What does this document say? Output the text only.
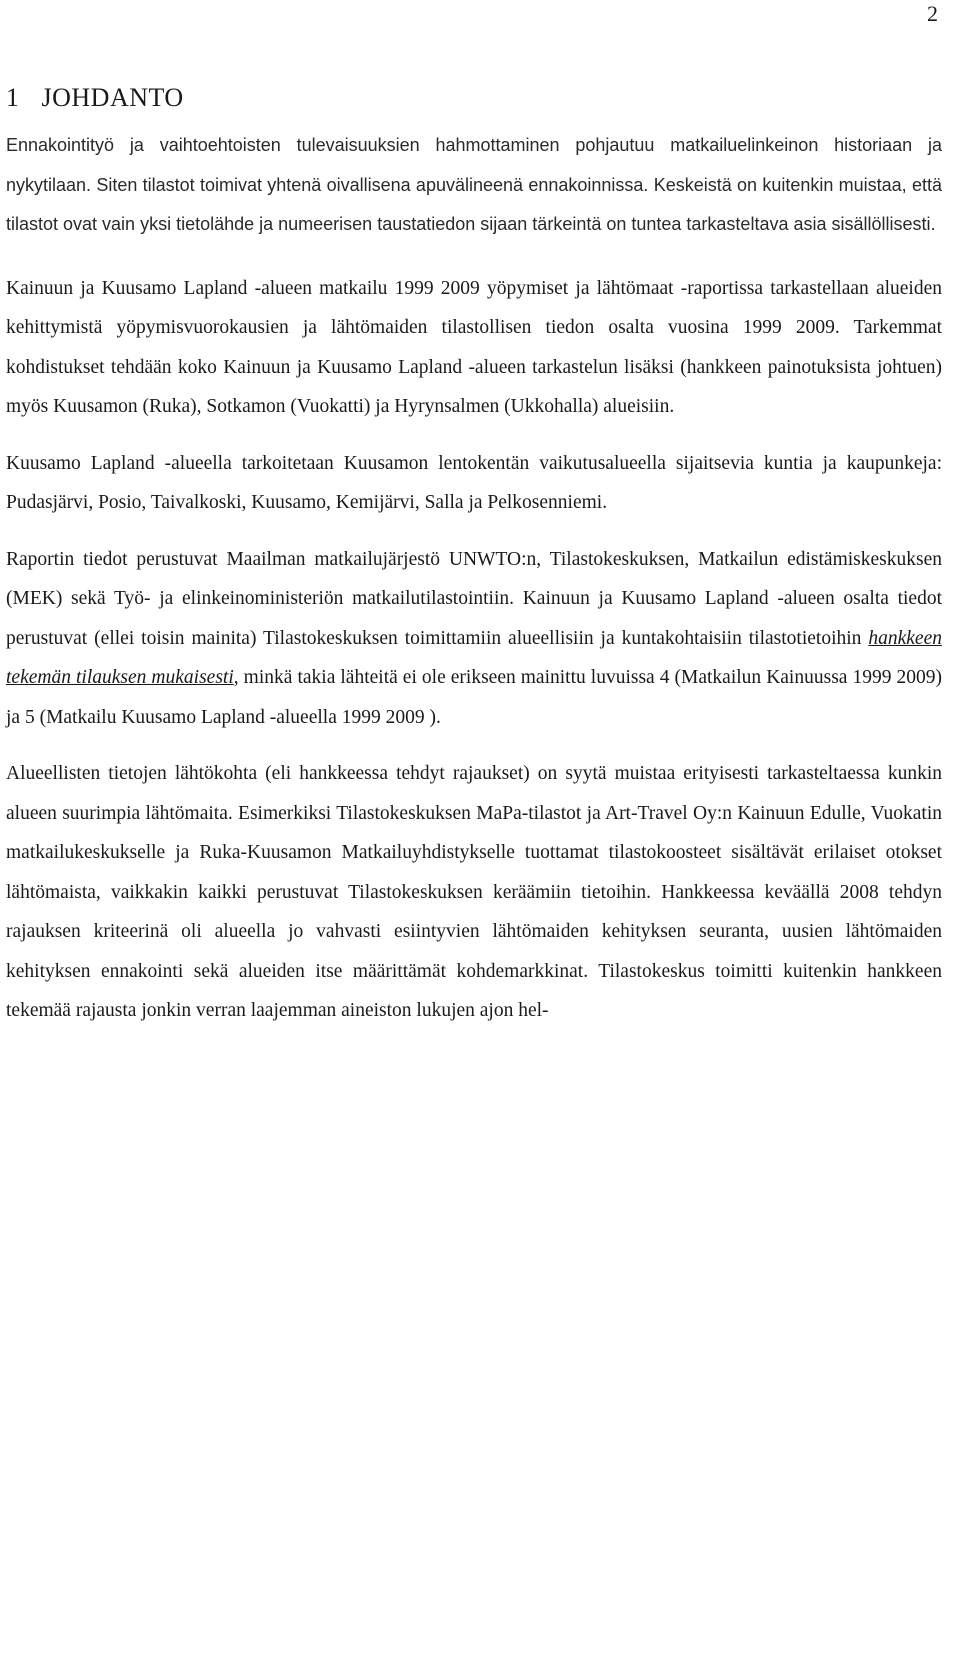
2
1 JOHDANTO

Ennakointityö ja vaihtoehtoisten tulevaisuuksien hahmottaminen pohjautuu matkailuelinkeinon historiaan ja nykytilaan. Siten tilastot toimivat yhtenä oivallisena apuvälineenä ennakoinnissa. Keskeistä on kuitenkin muistaa, että tilastot ovat vain yksi tietolähde ja numeerisen taustatiedon sijaan tärkeintä on tuntea tarkasteltava asia sisällöllisesti.

Kainuun ja Kuusamo Lapland -alueen matkailu 1999 2009 yöpymiset ja lähtömaat -raportissa tarkastellaan alueiden kehittymistä yöpymisvuorokausien ja lähtömaiden tilastollisen tiedon osalta vuosina 1999 2009. Tarkemmat kohdistukset tehdään koko Kainuun ja Kuusamo Lapland -alueen tarkastelun lisäksi (hankkeen painotuksista johtuen) myös Kuusamon (Ruka), Sotkamon (Vuokatti) ja Hyrynsalmen (Ukkohalla) alueisiin.

Kuusamo Lapland -alueella tarkoitetaan Kuusamon lentokentän vaikutusalueella sijaitsevia kuntia ja kaupunkeja: Pudasjärvi, Posio, Taivalkoski, Kuusamo, Kemijärvi, Salla ja Pelkosenniemi.

Raportin tiedot perustuvat Maailman matkailujärjestö UNWTO:n, Tilastokeskuksen, Matkailun edistämiskeskuksen (MEK) sekä Työ- ja elinkeinoministeriön matkailutilastointiin. Kainuun ja Kuusamo Lapland -alueen osalta tiedot perustuvat (ellei toisin mainita) Tilastokeskuksen toimittamiin alueellisiin ja kuntakohtaisiin tilastotietoihin hankkeen tekemän tilauksen mukaisesti, minkä takia lähteitä ei ole erikseen mainittu luvuissa 4 (Matkailun Kainuussa 1999 2009) ja 5 (Matkailu Kuusamo Lapland -alueella 1999 2009 ).

Alueellisten tietojen lähtökohta (eli hankkeessa tehdyt rajaukset) on syytä muistaa erityisesti tarkasteltaessa kunkin alueen suurimpia lähtömaita. Esimerkiksi Tilastokeskuksen MaPa-tilastot ja Art-Travel Oy:n Kainuun Edulle, Vuokatin matkailukeskukselle ja Ruka-Kuusamon Matkailuyhdistykselle tuottamat tilastokoosteet sisältävät erilaiset otokset lähtömaista, vaikkakin kaikki perustuvat Tilastokeskuksen keräämiin tietoihin. Hankkeessa keväällä 2008 tehdyn rajauksen kriteerinä oli alueella jo vahvasti esiintyvien lähtömaiden kehityksen seuranta, uusien lähtömaiden kehityksen ennakointi sekä alueiden itse määrittämät kohdemarkkinat. Tilastokeskus toimitti kuitenkin hankkeen tekemää rajausta jonkin verran laajemman aineiston lukujen ajon hel-
